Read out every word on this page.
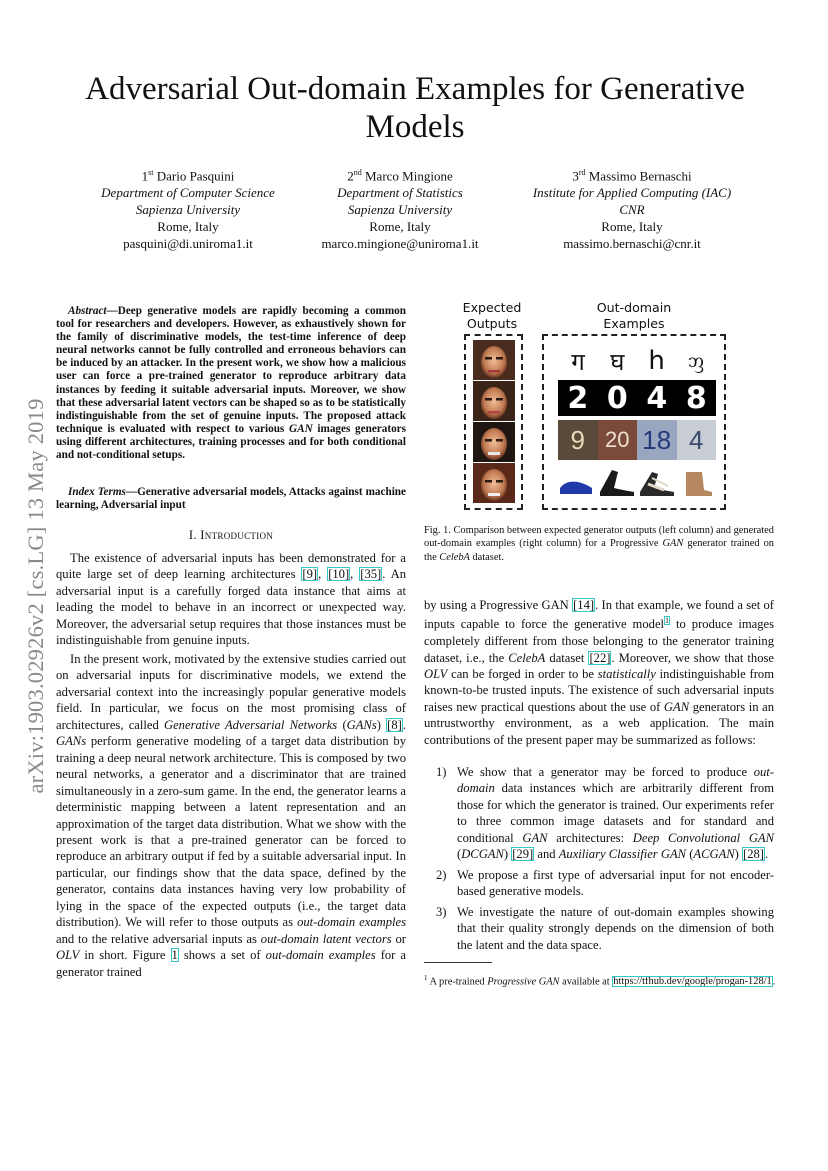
arXiv:1903.02926v2 [cs.LG] 13 May 2019
Adversarial Out-domain Examples for Generative Models
1st Dario Pasquini
Department of Computer Science
Sapienza University
Rome, Italy
pasquini@di.uniroma1.it
2nd Marco Mingione
Department of Statistics
Sapienza University
Rome, Italy
marco.mingione@uniroma1.it
3rd Massimo Bernaschi
Institute for Applied Computing (IAC)
CNR
Rome, Italy
massimo.bernaschi@cnr.it
Abstract—Deep generative models are rapidly becoming a common tool for researchers and developers. However, as exhaustively shown for the family of discriminative models, the test-time inference of deep neural networks cannot be fully controlled and erroneous behaviors can be induced by an attacker. In the present work, we show how a malicious user can force a pre-trained generator to reproduce arbitrary data instances by feeding it suitable adversarial inputs. Moreover, we show that these adversarial latent vectors can be shaped so as to be statistically indistinguishable from the set of genuine inputs. The proposed attack technique is evaluated with respect to various GAN images generators using different architectures, training processes and for both conditional and not-conditional setups.
Index Terms—Generative adversarial models, Attacks against machine learning, Adversarial input
I. Introduction
The existence of adversarial inputs has been demonstrated for a quite large set of deep learning architectures [9], [10], [35]. An adversarial input is a carefully forged data instance that aims at leading the model to behave in an incorrect or unexpected way. Moreover, the adversarial setup requires that those instances must be indistinguishable from genuine inputs.
In the present work, motivated by the extensive studies carried out on adversarial inputs for discriminative models, we extend the adversarial context into the increasingly popular generative models field. In particular, we focus on the most promising class of architectures, called Generative Adversarial Networks (GANs) [8]. GANs perform generative modeling of a target data distribution by training a deep neural network architecture. This is composed by two neural networks, a generator and a discriminator that are trained simultaneously in a zero-sum game. In the end, the generator learns a deterministic mapping between a latent representation and an approximation of the target data distribution. What we show with the present work is that a pre-trained generator can be forced to reproduce an arbitrary output if fed by a suitable adversarial input. In particular, our findings show that the data space, defined by the generator, contains data instances having very low probability of lying in the space of the expected outputs (i.e., the target data distribution). We will refer to those outputs as out-domain examples and to the relative adversarial inputs as out-domain latent vectors or OLV in short. Figure 1 shows a set of out-domain examples for a generator trained
Expected Outputs
Out-domain Examples
ग	घ h	ᦀ
2 0 4 8
9 20 18 4
Fig. 1. Comparison between expected generator outputs (left column) and generated out-domain examples (right column) for a Progressive GAN generator trained on the CelebA dataset.
by using a Progressive GAN [14]. In that example, we found a set of inputs capable to force the generative model$^1$ to produce images completely different from those belonging to the generator training dataset, i.e., the CelebA dataset [22]. Moreover, we show that those OLV can be forged in order to be statistically indistinguishable from known-to-be trusted inputs. The existence of such adversarial inputs raises new practical questions about the use of GAN generators in an untrustworthy environment, as a web application. The main contributions of the present paper may be summarized as follows:
1) We show that a generator may be forced to produce out-domain data instances which are arbitrarily different from those for which the generator is trained. Our experiments refer to three common image datasets and for standard and conditional GAN architectures: Deep Convolutional GAN (DCGAN) [29] and Auxiliary Classifier GAN (ACGAN) [28].
2) We propose a first type of adversarial input for not encoder-based generative models.
3) We investigate the nature of out-domain examples showing that their quality strongly depends on the dimension of both the latent and the data space.
$^1$ A pre-trained Progressive GAN available at https://tfhub.dev/google/progan-128/1.
